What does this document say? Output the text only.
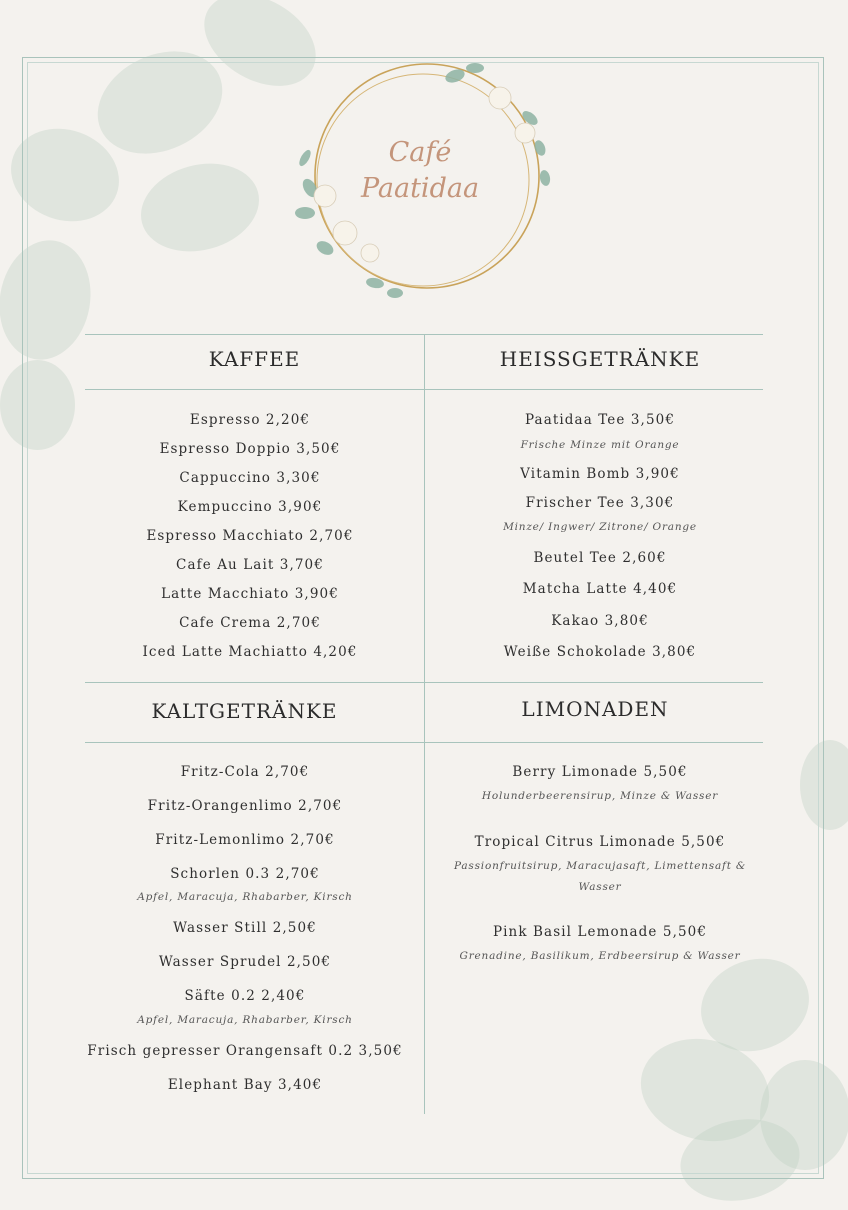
Café
Paatidaa
KAFFEE	HEISSGETRÄNKE
KALTGETRÄNKE	LIMONADEN
Espresso 2,20€
Espresso Doppio 3,50€
Cappuccino 3,30€
Kempuccino 3,90€
Espresso Macchiato 2,70€
Cafe Au Lait 3,70€
Latte Macchiato 3,90€
Cafe Crema 2,70€
Iced Latte Machiatto 4,20€
Paatidaa Tee 3,50€
Frische Minze mit Orange
Vitamin Bomb 3,90€
Frischer Tee 3,30€
Minze/ Ingwer/ Zitrone/ Orange
Beutel Tee 2,60€
Matcha Latte 4,40€
Kakao 3,80€
Weiße Schokolade 3,80€
Fritz-Cola 2,70€
Fritz-Orangenlimo 2,70€
Fritz-Lemonlimo 2,70€
Schorlen 0.3 2,70€
Apfel, Maracuja, Rhabarber, Kirsch
Wasser Still 2,50€
Wasser Sprudel 2,50€
Säfte 0.2 2,40€
Apfel, Maracuja, Rhabarber, Kirsch
Frisch gepresser Orangensaft 0.2 3,50€
Elephant Bay 3,40€
Berry Limonade 5,50€
Holunderbeerensirup, Minze & Wasser
Tropical Citrus Limonade 5,50€
Passionfruitsirup, Maracujasaft, Limettensaft &
Wasser
Pink Basil Lemonade 5,50€
Grenadine, Basilikum, Erdbeersirup & Wasser
